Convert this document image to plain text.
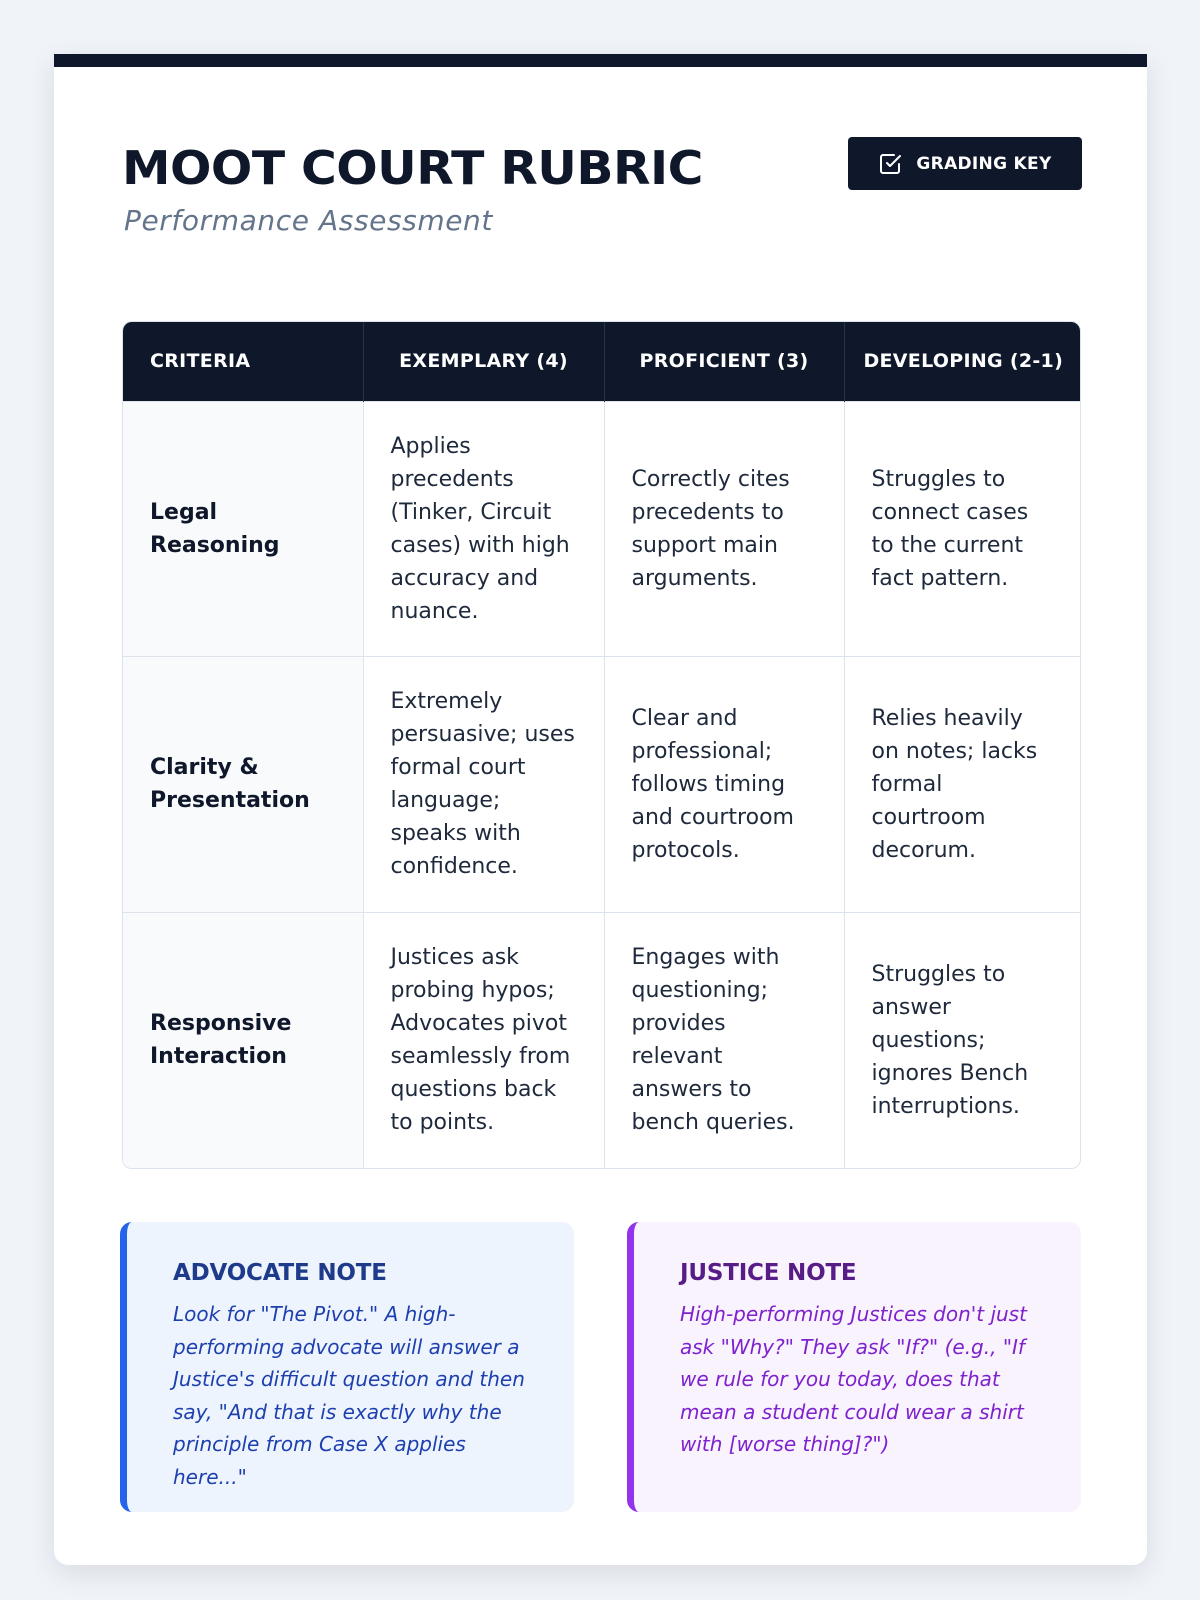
MOOT COURT RUBRIC
Performance Assessment
GRADING KEY
CRITERIA	EXEMPLARY (4)	PROFICIENT (3)	DEVELOPING (2-1)
Legal Reasoning	Applies precedents (Tinker, Circuit cases) with high accuracy and nuance.	Correctly cites precedents to support main arguments.	Struggles to connect cases to the current fact pattern.
Clarity & Presentation	Extremely persuasive; uses formal court language; speaks with confidence.	Clear and professional; follows timing and courtroom protocols.	Relies heavily on notes; lacks formal courtroom decorum.
Responsive Interaction	Justices ask probing hypos; Advocates pivot seamlessly from questions back to points.	Engages with questioning; provides relevant answers to bench queries.	Struggles to answer questions; ignores Bench interruptions.
ADVOCATE NOTE

Look for "The Pivot." A high-performing advocate will answer a Justice's difficult question and then say, "And that is exactly why the principle from Case X applies here..."

JUSTICE NOTE

High-performing Justices don't just ask "Why?" They ask "If?" (e.g., "If we rule for you today, does that mean a student could wear a shirt with [worse thing]?")
